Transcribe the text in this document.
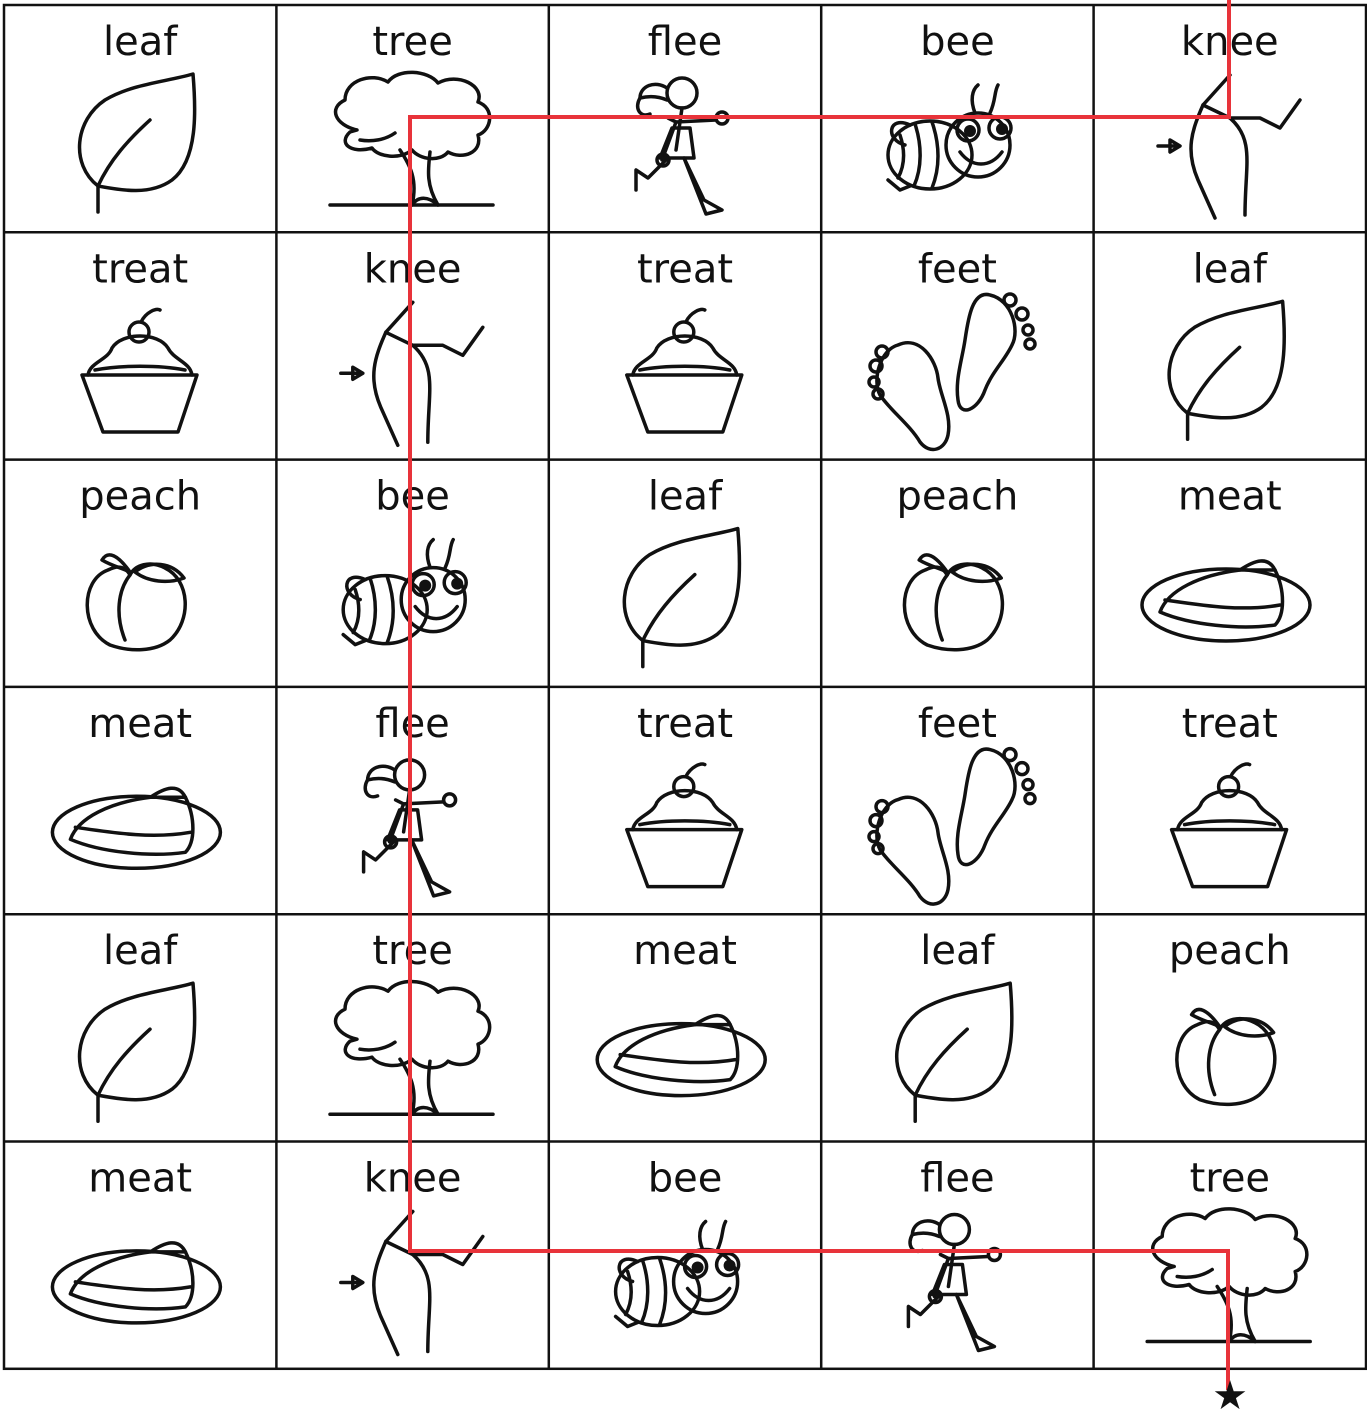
leaf	tree	flee	bee	knee
treat	knee	treat	feet	leaf
peach	bee	leaf	peach	meat
meat	flee	treat	feet	treat
leaf	tree	meat	leaf	peach
meat	knee	bee	flee	tree
★
